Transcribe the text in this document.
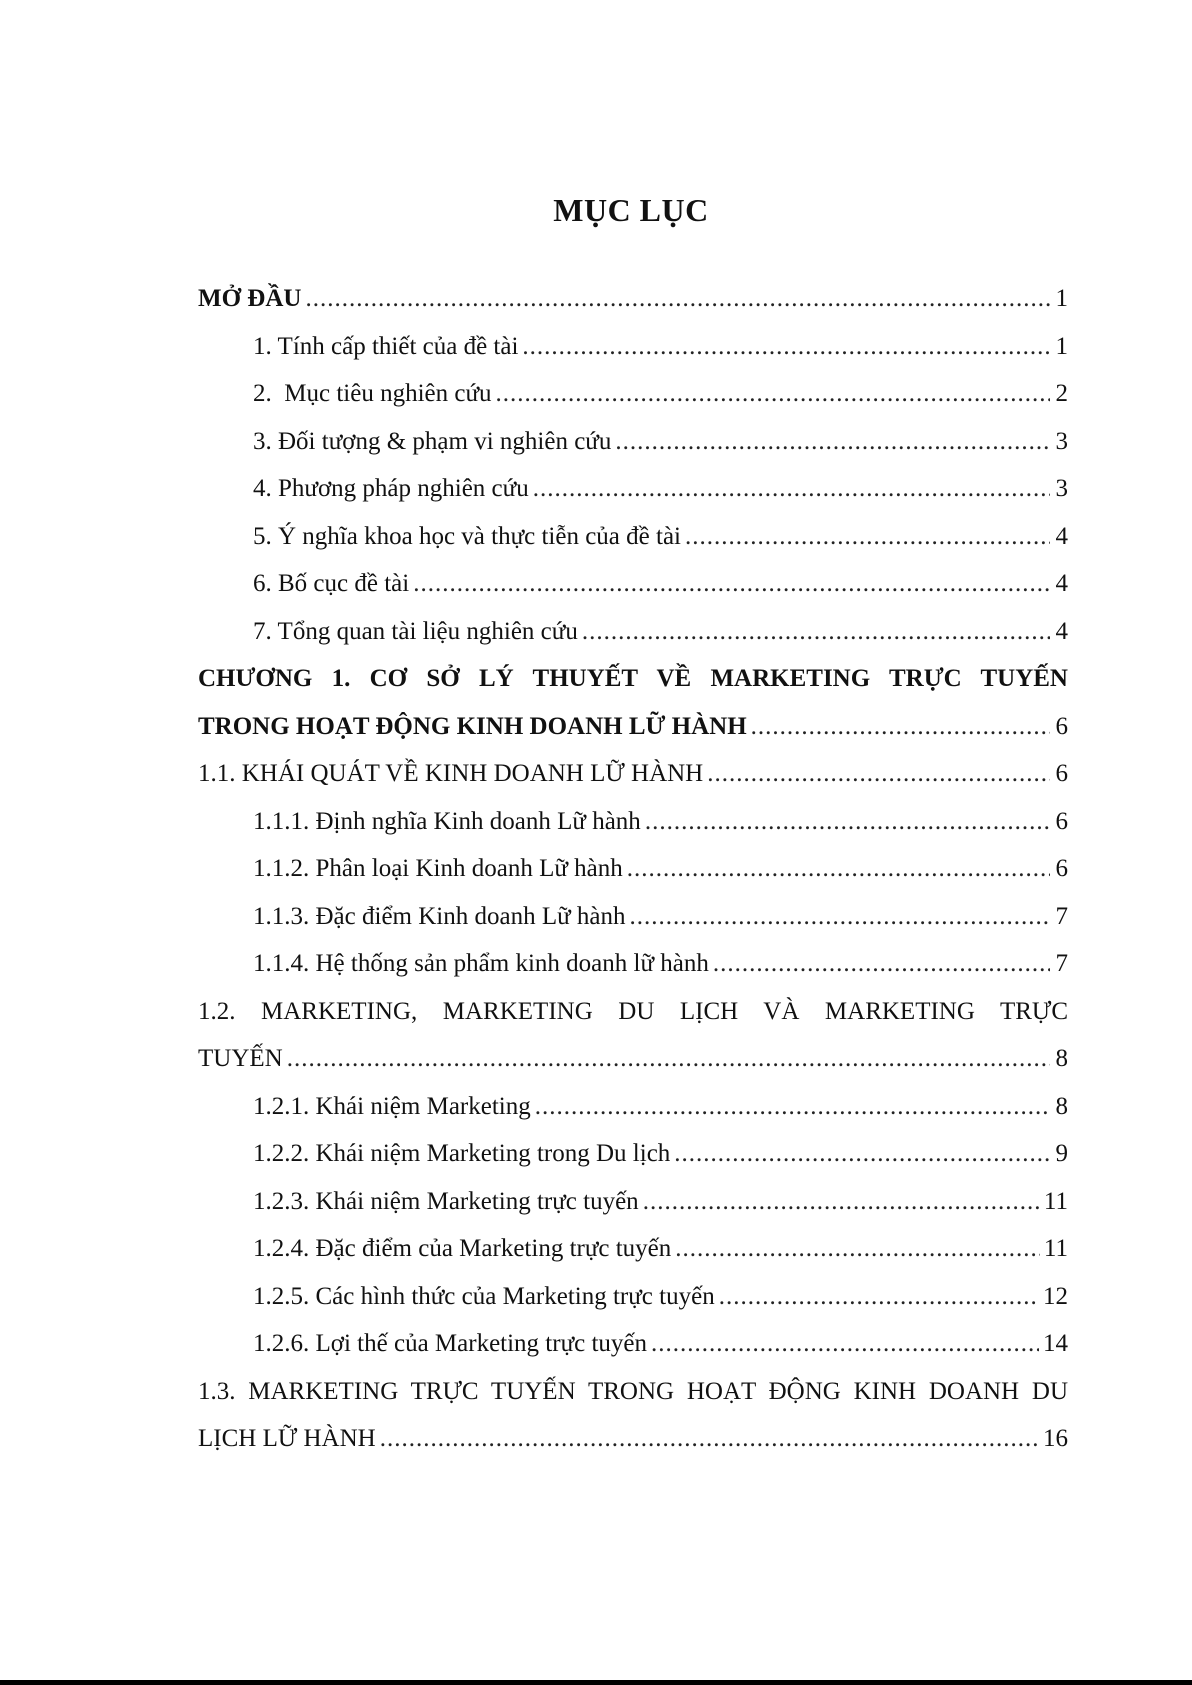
MỤC LỤC
MỞ ĐẦU .....	1
1. Tính cấp thiết của đề tài .....	1
2.  Mục tiêu nghiên cứu .....	2
3. Đối tượng & phạm vi nghiên cứu .....	3
4. Phương pháp nghiên cứu .....	3
5. Ý nghĩa khoa học và thực tiễn của đề tài .....	4
6. Bố cục đề tài .....	4
7. Tổng quan tài liệu nghiên cứu .....	4
CHƯƠNG 1. CƠ SỞ LÝ THUYẾT VỀ MARKETING TRỰC TUYẾN
TRONG HOẠT ĐỘNG KINH DOANH LỮ HÀNH .....	6
1.1. KHÁI QUÁT VỀ KINH DOANH LỮ HÀNH .....	6
1.1.1. Định nghĩa Kinh doanh Lữ hành .....	6
1.1.2. Phân loại Kinh doanh Lữ hành .....	6
1.1.3. Đặc điểm Kinh doanh Lữ hành .....	7
1.1.4. Hệ thống sản phẩm kinh doanh lữ hành .....	7
1.2. MARKETING, MARKETING DU LỊCH VÀ MARKETING TRỰC
TUYẾN .....	8
1.2.1. Khái niệm Marketing .....	8
1.2.2. Khái niệm Marketing trong Du lịch .....	9
1.2.3. Khái niệm Marketing trực tuyến .....	11
1.2.4. Đặc điểm của Marketing trực tuyến .....	11
1.2.5. Các hình thức của Marketing trực tuyến .....	12
1.2.6. Lợi thế của Marketing trực tuyến .....	14
1.3. MARKETING TRỰC TUYẾN TRONG HOẠT ĐỘNG KINH DOANH DU
LỊCH LỮ HÀNH .....	16
